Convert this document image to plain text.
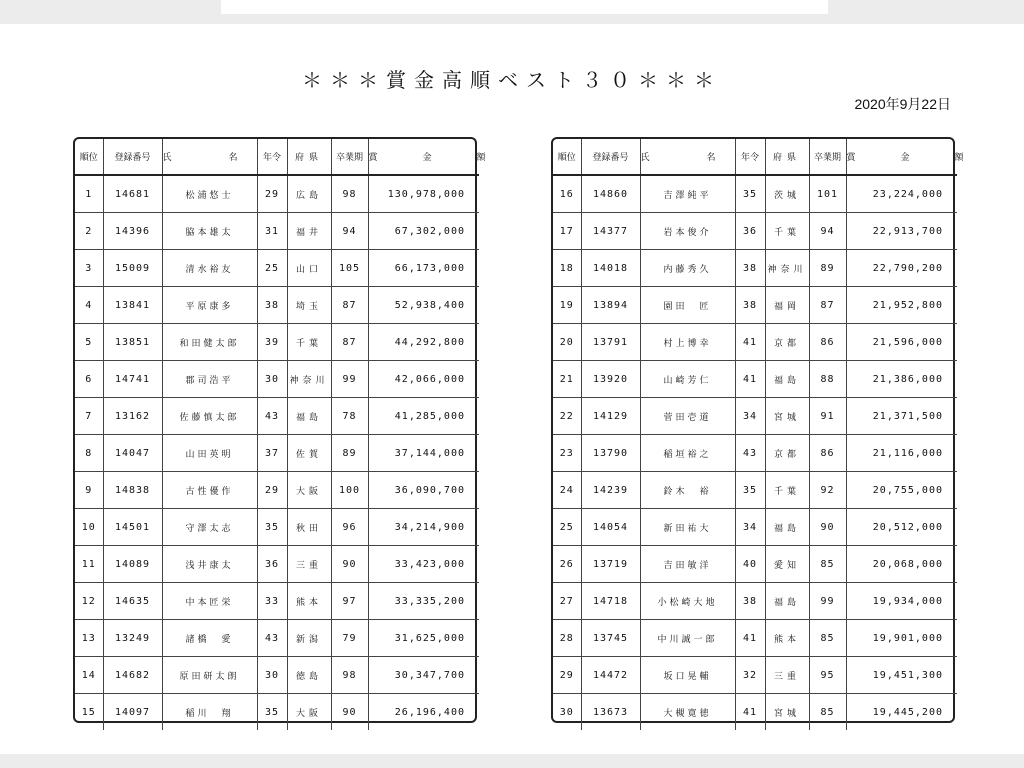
＊＊＊賞金高順ベスト３０＊＊＊
2020年9月22日
順位	登録番号	氏　名	年令	府県	卒業期	賞　金　額
1	14681	松浦悠士	29	広島	98	130,978,000
2	14396	脇本雄太	31	福井	94	67,302,000
3	15009	清水裕友	25	山口	105	66,173,000
4	13841	平原康多	38	埼玉	87	52,938,400
5	13851	和田健太郎	39	千葉	87	44,292,800
6	14741	郡司浩平	30	神奈川	99	42,066,000
7	13162	佐藤慎太郎	43	福島	78	41,285,000
8	14047	山田英明	37	佐賀	89	37,144,000
9	14838	古性優作	29	大阪	100	36,090,700
10	14501	守澤太志	35	秋田	96	34,214,900
11	14089	浅井康太	36	三重	90	33,423,000
12	14635	中本匠栄	33	熊本	97	33,335,200
13	13249	諸橋　愛	43	新潟	79	31,625,000
14	14682	原田研太朗	30	徳島	98	30,347,700
15	14097	稲川　翔	35	大阪	90	26,196,400
順位	登録番号	氏　名	年令	府県	卒業期	賞　金　額
16	14860	吉澤純平	35	茨城	101	23,224,000
17	14377	岩本俊介	36	千葉	94	22,913,700
18	14018	内藤秀久	38	神奈川	89	22,790,200
19	13894	園田　匠	38	福岡	87	21,952,800
20	13791	村上博幸	41	京都	86	21,596,000
21	13920	山崎芳仁	41	福島	88	21,386,000
22	14129	菅田壱道	34	宮城	91	21,371,500
23	13790	稲垣裕之	43	京都	86	21,116,000
24	14239	鈴木　裕	35	千葉	92	20,755,000
25	14054	新田祐大	34	福島	90	20,512,000
26	13719	吉田敏洋	40	愛知	85	20,068,000
27	14718	小松崎大地	38	福島	99	19,934,000
28	13745	中川誠一郎	41	熊本	85	19,901,000
29	14472	坂口晃輔	32	三重	95	19,451,300
30	13673	大槻寛徳	41	宮城	85	19,445,200
